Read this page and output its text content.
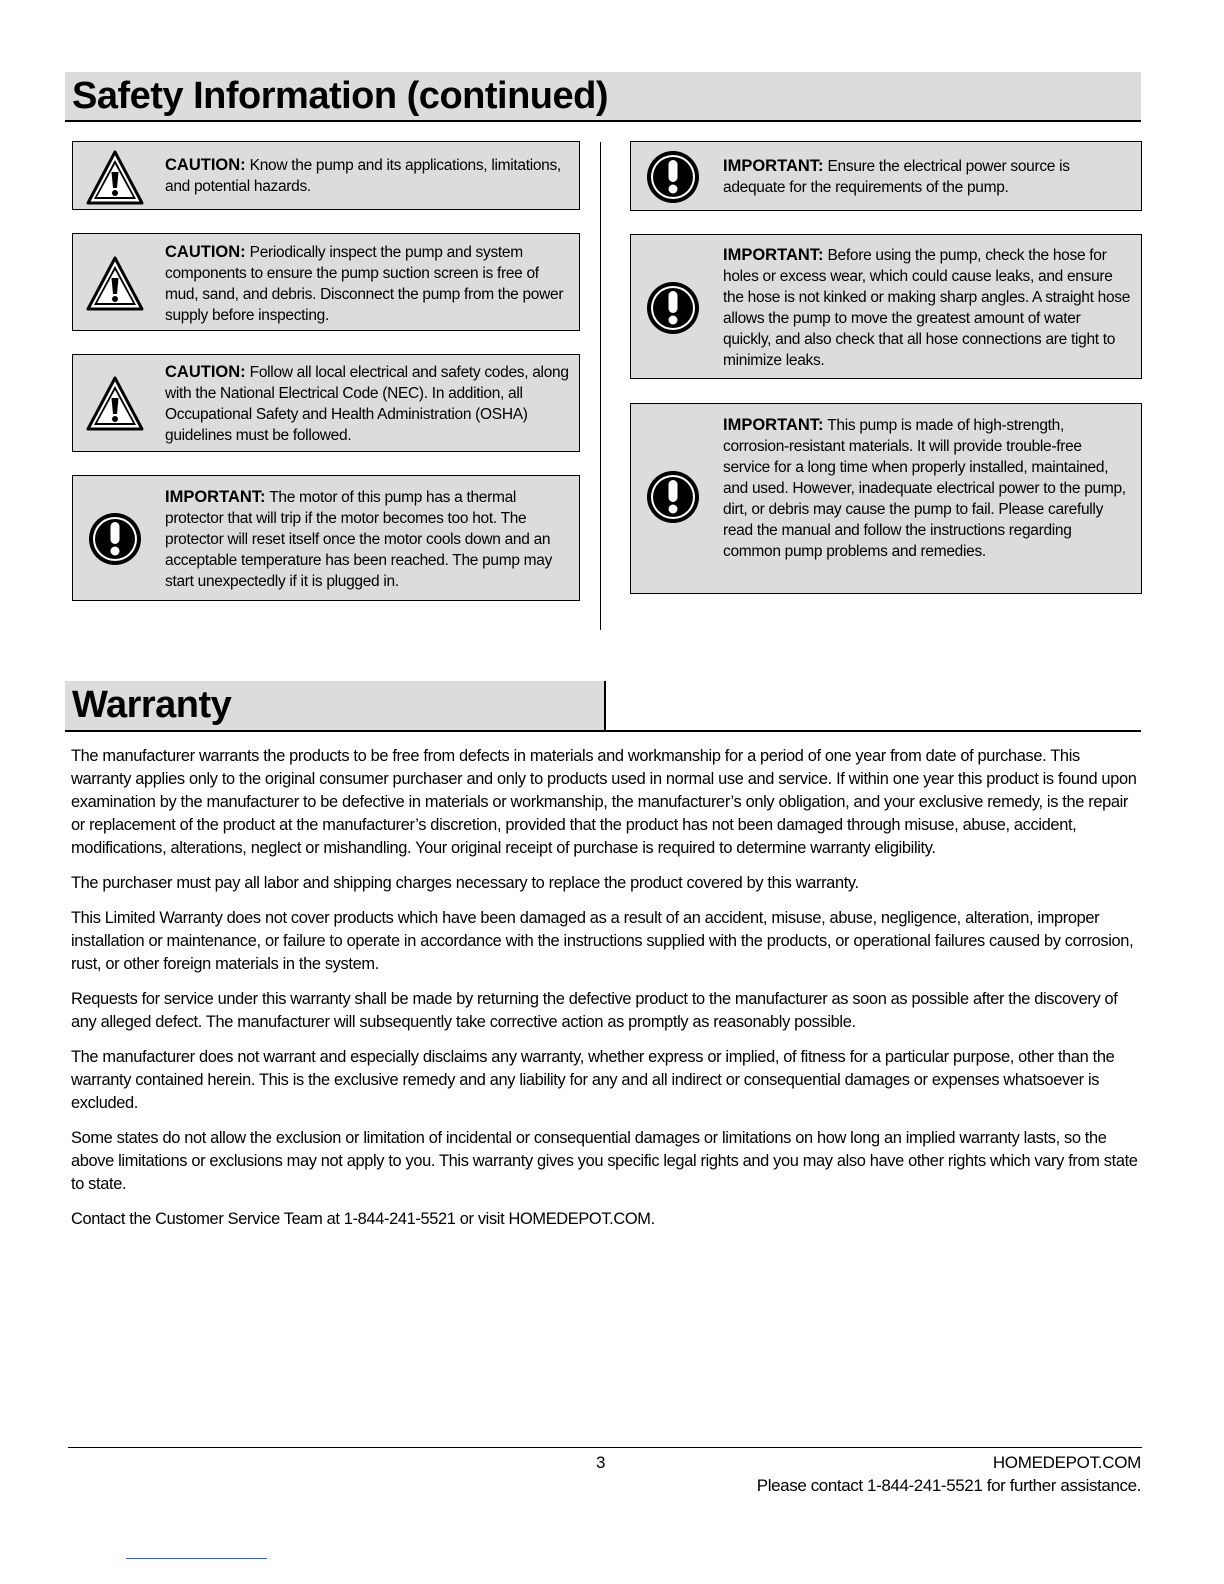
Safety Information (continued)
CAUTION: Know the pump and its applications, limitations, and potential hazards.
CAUTION: Periodically inspect the pump and system components to ensure the pump suction screen is free of mud, sand, and debris. Disconnect the pump from the power supply before inspecting.
CAUTION: Follow all local electrical and safety codes, along with the National Electrical Code (NEC). In addition, all Occupational Safety and Health Administration (OSHA) guidelines must be followed.
IMPORTANT: The motor of this pump has a thermal protector that will trip if the motor becomes too hot. The protector will reset itself once the motor cools down and an acceptable temperature has been reached. The pump may start unexpectedly if it is plugged in.
IMPORTANT: Ensure the electrical power source is adequate for the requirements of the pump.
IMPORTANT: Before using the pump, check the hose for holes or excess wear, which could cause leaks, and ensure the hose is not kinked or making sharp angles. A straight hose allows the pump to move the greatest amount of water quickly, and also check that all hose connections are tight to minimize leaks.
IMPORTANT: This pump is made of high-strength, corrosion-resistant materials. It will provide trouble-free service for a long time when properly installed, maintained, and used. However, inadequate electrical power to the pump, dirt, or debris may cause the pump to fail. Please carefully read the manual and follow the instructions regarding common pump problems and remedies.
Warranty

The manufacturer warrants the products to be free from defects in materials and workmanship for a period of one year from date of purchase. This warranty applies only to the original consumer purchaser and only to products used in normal use and service. If within one year this product is found upon examination by the manufacturer to be defective in materials or workmanship, the manufacturer’s only obligation, and your exclusive remedy, is the repair or replacement of the product at the manufacturer’s discretion, provided that the product has not been damaged through misuse, abuse, accident, modifications, alterations, neglect or mishandling. Your original receipt of purchase is required to determine warranty eligibility.

The purchaser must pay all labor and shipping charges necessary to replace the product covered by this warranty.

This Limited Warranty does not cover products which have been damaged as a result of an accident, misuse, abuse, negligence, alteration, improper installation or maintenance, or failure to operate in accordance with the instructions supplied with the products, or operational failures caused by corrosion, rust, or other foreign materials in the system.

Requests for service under this warranty shall be made by returning the defective product to the manufacturer as soon as possible after the discovery of any alleged defect. The manufacturer will subsequently take corrective action as promptly as reasonably possible.

The manufacturer does not warrant and especially disclaims any warranty, whether express or implied, of fitness for a particular purpose, other than the warranty contained herein. This is the exclusive remedy and any liability for any and all indirect or consequential damages or expenses whatsoever is excluded.

Some states do not allow the exclusion or limitation of incidental or consequential damages or limitations on how long an implied warranty lasts, so the above limitations or exclusions may not apply to you. This warranty gives you specific legal rights and you may also have other rights which vary from state to state.

Contact the Customer Service Team at 1-844-241-5521 or visit HOMEDEPOT.COM.

3	HOMEDEPOT.COM
Please contact 1-844-241-5521 for further assistance.
